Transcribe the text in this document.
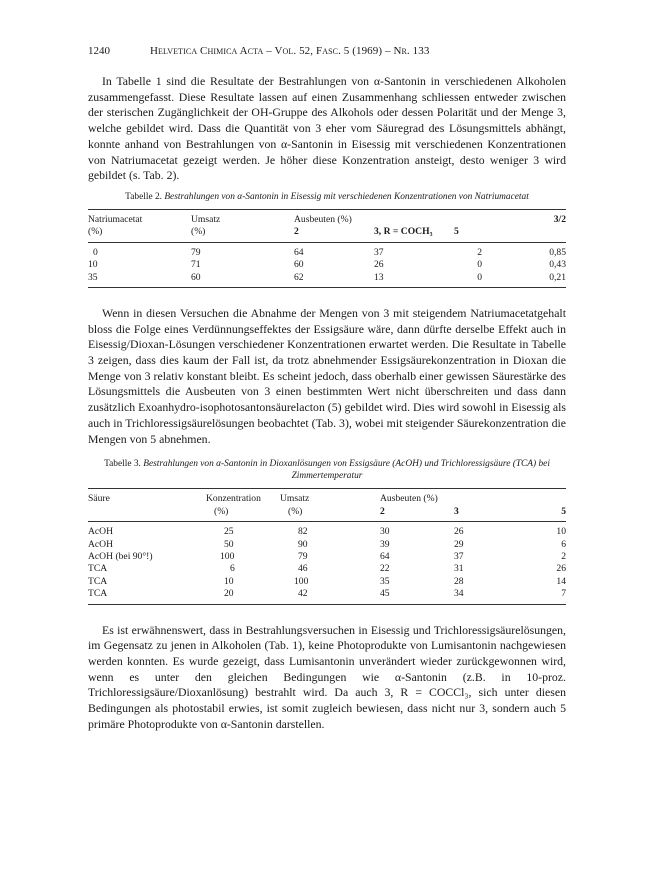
1240	Helvetica Chimica Acta – Vol. 52, Fasc. 5 (1969) – Nr. 133

In Tabelle 1 sind die Resultate der Bestrahlungen von α-Santonin in verschiedenen Alkoholen zusammengefasst. Diese Resultate lassen auf einen Zusammenhang schliessen entweder zwischen der sterischen Zugänglichkeit der OH-Gruppe des Alkohols oder dessen Polarität und der Menge 3, welche gebildet wird. Dass die Quantität von 3 eher vom Säuregrad des Lösungsmittels abhängt, konnte anhand von Bestrahlungen von α-Santonin in Eisessig mit verschiedenen Konzentrationen von Natriumacetat gezeigt werden. Je höher diese Konzentration ansteigt, desto weniger 3 wird gebildet (s. Tab. 2).

Tabelle 2. Bestrahlungen von α-Santonin in Eisessig mit verschiedenen Konzentrationen von Natriumacetat
Natriumacetat	Umsatz	Ausbeuten (%)			3/2
(%)	(%)	2	3, R = COCH₃	5	
0	79	64	37	2	0,85
10	71	60	26	0	0,43
35	60	62	13	0	0,21

Wenn in diesen Versuchen die Abnahme der Mengen von 3 mit steigendem Natriumacetatgehalt bloss die Folge eines Verdünnungseffektes der Essigsäure wäre, dann dürfte derselbe Effekt auch in Eisessig/Dioxan-Lösungen verschiedener Konzentrationen erwartet werden. Die Resultate in Tabelle 3 zeigen, dass dies kaum der Fall ist, da trotz abnehmender Essigsäurekonzentration in Dioxan die Menge von 3 relativ konstant bleibt. Es scheint jedoch, dass oberhalb einer gewissen Säurestärke des Lösungsmittels die Ausbeuten von 3 einen bestimmten Wert nicht überschreiten und dass dann zusätzlich Exoanhydro-isophotosantonsäurelacton (5) gebildet wird. Dies wird sowohl in Eisessig als auch in Trichloressigsäurelösungen beobachtet (Tab. 3), wobei mit steigender Säurekonzentration die Mengen von 5 abnehmen.

Tabelle 3. Bestrahlungen von α-Santonin in Dioxanlösungen von Essigsäure (AcOH) und Trichloressigsäure (TCA) bei Zimmertemperatur
Säure	Konzentration	Umsatz	Ausbeuten (%)		
	(%)	(%)	2	3	5
AcOH	25	82	30	26	10
AcOH	50	90	39	29	6
AcOH (bei 90°!)	100	79	64	37	2
TCA	6	46	22	31	26
TCA	10	100	35	28	14
TCA	20	42	45	34	7

Es ist erwähnenswert, dass in Bestrahlungsversuchen in Eisessig und Trichloressigsäurelösungen, im Gegensatz zu jenen in Alkoholen (Tab. 1), keine Photoprodukte von Lumisantonin nachgewiesen werden konnten. Es wurde gezeigt, dass Lumisantonin unverändert wieder zurückgewonnen wird, wenn es unter den gleichen Bedingungen wie α-Santonin (z.B. in 10-proz. Trichloressigsäure/Dioxanlösung) bestrahlt wird. Da auch 3, R = COCCl₃, sich unter diesen Bedingungen als photostabil erwies, ist somit zugleich bewiesen, dass nicht nur 3, sondern auch 5 primäre Photoprodukte von α-Santonin darstellen.
